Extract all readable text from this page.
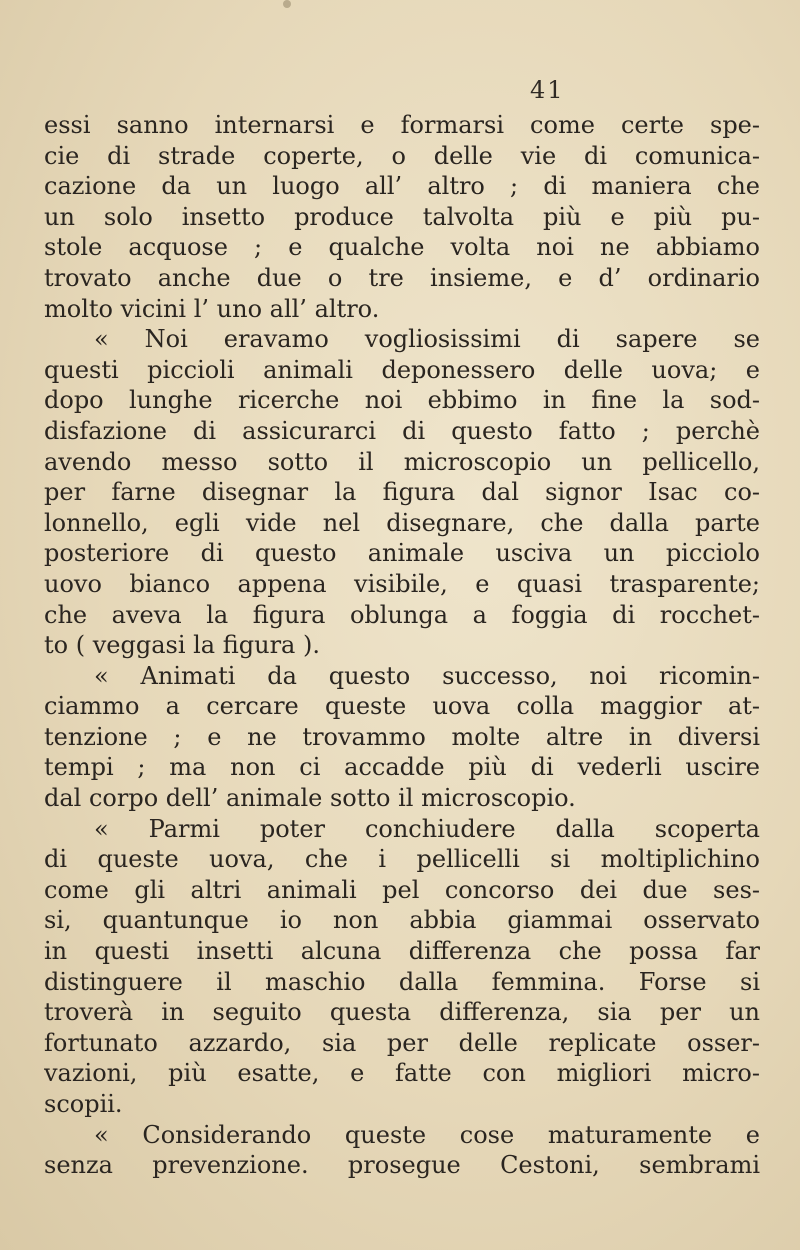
41
essi sanno internarsi e formarsi come certe spe-
cie di strade coperte, o delle vie di comunica-
cazione da un luogo all’ altro ; di maniera che
un solo insetto produce talvolta più e più pu-
stole acquose ; e qualche volta noi ne abbiamo
trovato anche due o tre insieme, e d’ ordinario
molto vicini l’ uno all’ altro.
« Noi eravamo vogliosissimi di sapere se
questi piccioli animali deponessero delle uova; e
dopo lunghe ricerche noi ebbimo in fine la sod-
disfazione di assicurarci di questo fatto ; perchè
avendo messo sotto il microscopio un pellicello,
per farne disegnar la figura dal signor Isac co-
lonnello, egli vide nel disegnare, che dalla parte
posteriore di questo animale usciva un picciolo
uovo bianco appena visibile, e quasi trasparente;
che aveva la figura oblunga a foggia di rocchet-
to ( veggasi la figura ).
« Animati da questo successo, noi ricomin-
ciammo a cercare queste uova colla maggior at-
tenzione ; e ne trovammo molte altre in diversi
tempi ; ma non ci accadde più di vederli uscire
dal corpo dell’ animale sotto il microscopio.
« Parmi poter conchiudere dalla scoperta
di queste uova, che i pellicelli si moltiplichino
come gli altri animali pel concorso dei due ses-
si, quantunque io non abbia giammai osservato
in questi insetti alcuna differenza che possa far
distinguere il maschio dalla femmina. Forse si
troverà in seguito questa differenza, sia per un
fortunato azzardo, sia per delle replicate osser-
vazioni, più esatte, e fatte con migliori micro-
scopii.
« Considerando queste cose maturamente e
senza prevenzione. prosegue Cestoni, sembrami
